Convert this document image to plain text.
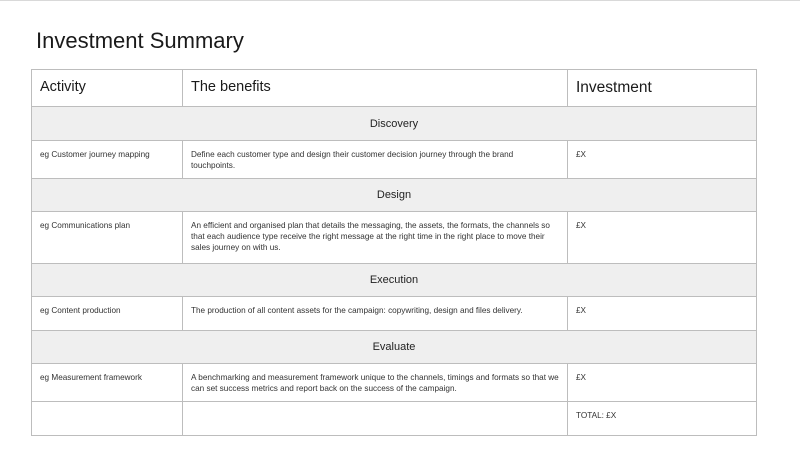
Investment Summary
Activity	The benefits	Investment
Discovery		
eg Customer journey mapping	Define each customer type and design their customer decision journey through the brand touchpoints.	£X
Design		
eg Communications plan	An efficient and organised plan that details the messaging, the assets, the formats, the channels so that each audience type receive the right message at the right time in the right place to move their sales journey on with us.	£X
Execution		
eg Content production	The production of all content assets for the campaign: copywriting, design and files delivery.	£X
Evaluate		
eg Measurement framework	A benchmarking and measurement framework unique to the channels, timings and formats so that we can set success metrics and report back on the success of the campaign.	£X
		TOTAL: £X
